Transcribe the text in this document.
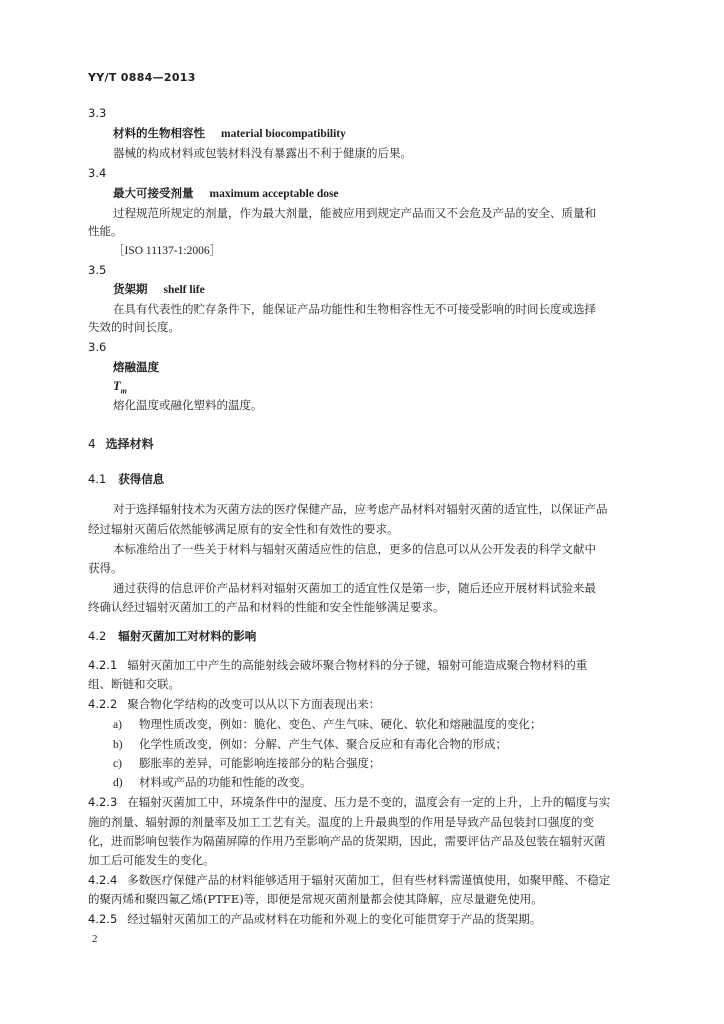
YY/T 0884—2013
3.3
材料的生物相容性 material biocompatibility
器械的构成材料或包装材料没有暴露出不利于健康的后果。
3.4
最大可接受剂量 maximum acceptable dose
过程规范所规定的剂量，作为最大剂量，能被应用到规定产品而又不会危及产品的安全、质量和
性能。
［ISO 11137-1:2006］
3.5
货架期 shelf life
在具有代表性的贮存条件下，能保证产品功能性和生物相容性无不可接受影响的时间长度或选择
失效的时间长度。
3.6
熔融温度
$T_m$
熔化温度或融化塑料的温度。
4 选择材料
4.1 获得信息
对于选择辐射技术为灭菌方法的医疗保健产品，应考虑产品材料对辐射灭菌的适宜性，以保证产品
经过辐射灭菌后依然能够满足原有的安全性和有效性的要求。
本标准给出了一些关于材料与辐射灭菌适应性的信息，更多的信息可以从公开发表的科学文献中
获得。
通过获得的信息评价产品材料对辐射灭菌加工的适宜性仅是第一步，随后还应开展材料试验来最
终确认经过辐射灭菌加工的产品和材料的性能和安全性能够满足要求。
4.2 辐射灭菌加工对材料的影响
4.2.1 辐射灭菌加工中产生的高能射线会破坏聚合物材料的分子键，辐射可能造成聚合物材料的重
组、断链和交联。
4.2.2 聚合物化学结构的改变可以从以下方面表现出来：
a) 物理性质改变，例如：脆化、变色、产生气味、硬化、软化和熔融温度的变化；
b) 化学性质改变，例如：分解、产生气体、聚合反应和有毒化合物的形成；
c) 膨胀率的差异，可能影响连接部分的粘合强度；
d) 材料或产品的功能和性能的改变。
4.2.3 在辐射灭菌加工中，环境条件中的湿度、压力是不变的，温度会有一定的上升，上升的幅度与实
施的剂量、辐射源的剂量率及加工工艺有关。温度的上升最典型的作用是导致产品包装封口强度的变
化，进而影响包装作为隔菌屏障的作用乃至影响产品的货架期，因此，需要评估产品及包装在辐射灭菌
加工后可能发生的变化。
4.2.4 多数医疗保健产品的材料能够适用于辐射灭菌加工，但有些材料需谨慎使用，如聚甲醛、不稳定
的聚丙烯和聚四氟乙烯(PTFE)等，即便是常规灭菌剂量都会使其降解，应尽量避免使用。
4.2.5 经过辐射灭菌加工的产品或材料在功能和外观上的变化可能贯穿于产品的货架期。
2
